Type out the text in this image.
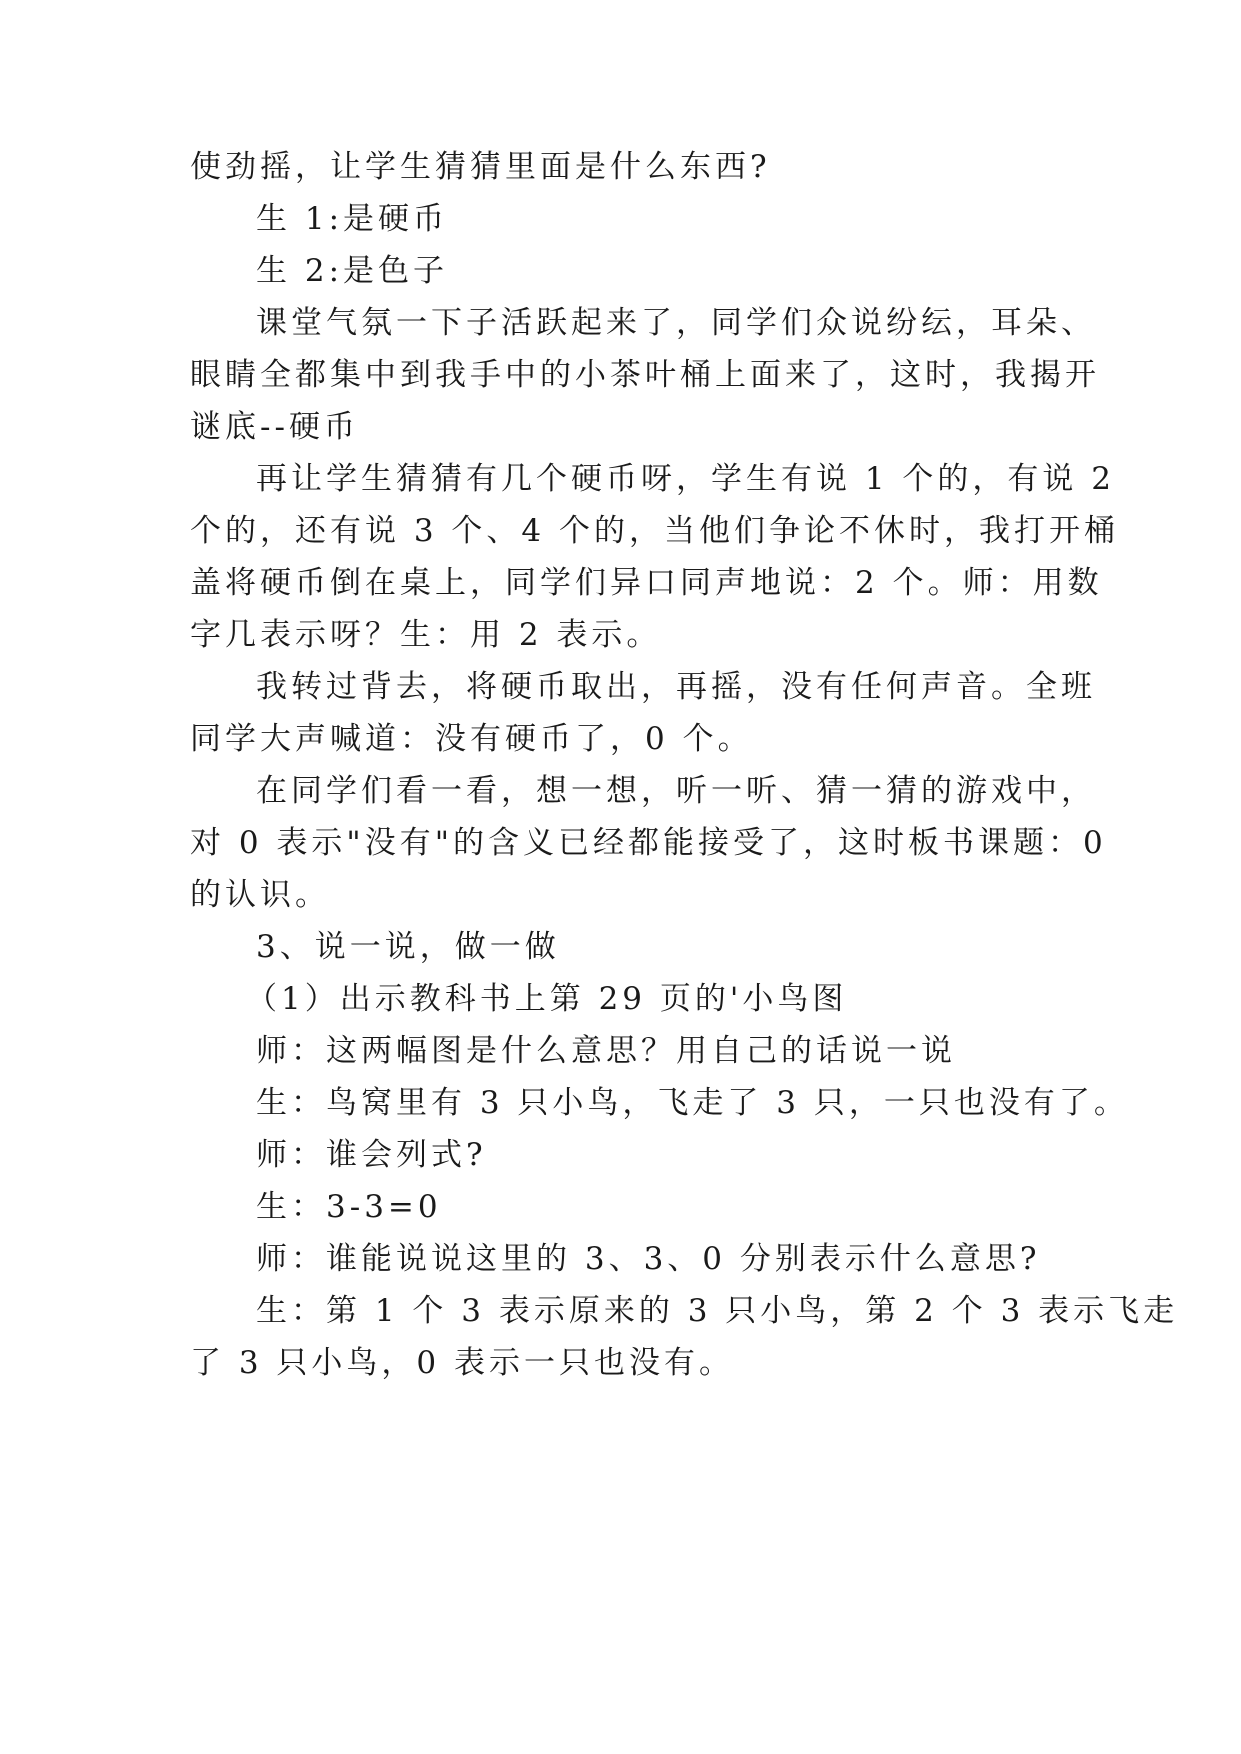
使劲摇，让学生猜猜里面是什么东西?
生 1:是硬币
生 2:是色子
课堂气氛一下子活跃起来了，同学们众说纷纭，耳朵、
眼睛全都集中到我手中的小茶叶桶上面来了，这时，我揭开
谜底--硬币
再让学生猜猜有几个硬币呀，学生有说 1 个的，有说 2
个的，还有说 3 个、4 个的，当他们争论不休时，我打开桶
盖将硬币倒在桌上，同学们异口同声地说：2 个。师：用数
字几表示呀？生：用 2 表示。
我转过背去，将硬币取出，再摇，没有任何声音。全班
同学大声喊道：没有硬币了，0 个。
在同学们看一看，想一想，听一听、猜一猜的游戏中，
对 0 表示"没有"的含义已经都能接受了，这时板书课题：0
的认识。
3、说一说，做一做
（1）出示教科书上第 29 页的'小鸟图
师：这两幅图是什么意思？用自己的话说一说
生：鸟窝里有 3 只小鸟，飞走了 3 只，一只也没有了。
师：谁会列式?
生：3-3=0
师：谁能说说这里的 3、3、0 分别表示什么意思?
生：第 1 个 3 表示原来的 3 只小鸟，第 2 个 3 表示飞走
了 3 只小鸟，0 表示一只也没有。
